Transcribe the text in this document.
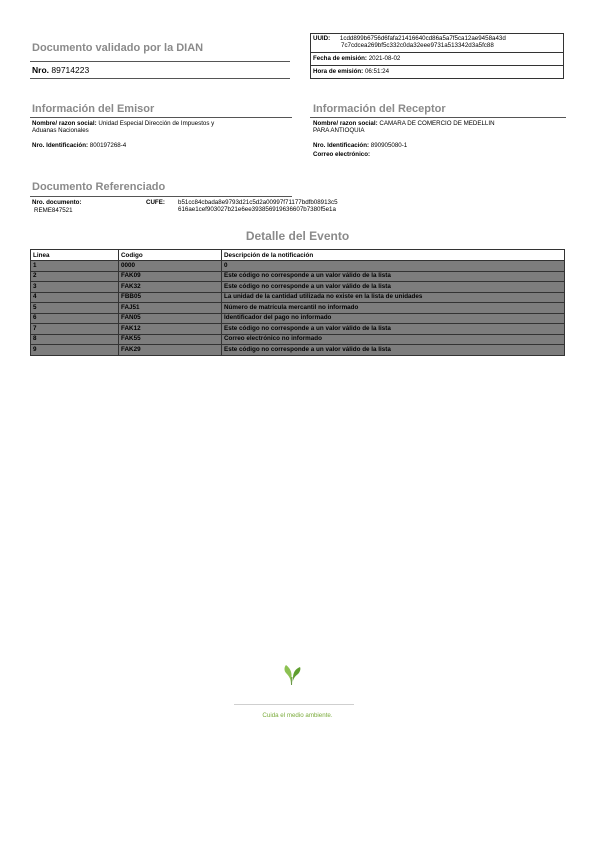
Documento validado por la DIAN
Nro. 89714223
UUID: 1cdd899b6756d6fafa21416640cd86a5a7f5ca12ae9458a43d
7c7cdcea269bf5c332c0da32eee9731a513342d3a5fc88
Fecha de emisión: 2021-08-02
Hora de emisión: 06:51:24
Información del Emisor
Nombre/ razon social: Unidad Especial Dirección de Impuestos y
Aduanas Nacionales
Nro. Identificación: 800197268-4
Información del Receptor
Nombre/ razon social: CAMARA DE COMERCIO DE MEDELLIN
PARA ANTIOQUIA
Nro. Identificación: 890905080-1
Correo electrónico:
Documento Referenciado
Nro. documento:
REME847521
CUFE: b51cc84cbada8e9793d21c5d2a00997f71177bdfb08913c5
616ae1cef903027b21e6ee393856919636607b7380f5e1a
Detalle del Evento
Linea	Codigo	Descripción de la notificación
1	0000	0
2	FAK09	Este código no corresponde a un valor válido de la lista
3	FAK32	Este código no corresponde a un valor válido de la lista
4	FBB05	La unidad de la cantidad utilizada no existe en la lista de unidades
5	FAJ51	Número de matrícula mercantil no informado
6	FAN05	Identificador del pago no informado
7	FAK12	Este código no corresponde a un valor válido de la lista
8	FAK55	Correo electrónico no informado
9	FAK29	Este código no corresponde a un valor válido de la lista
Cuida el medio ambiente.
